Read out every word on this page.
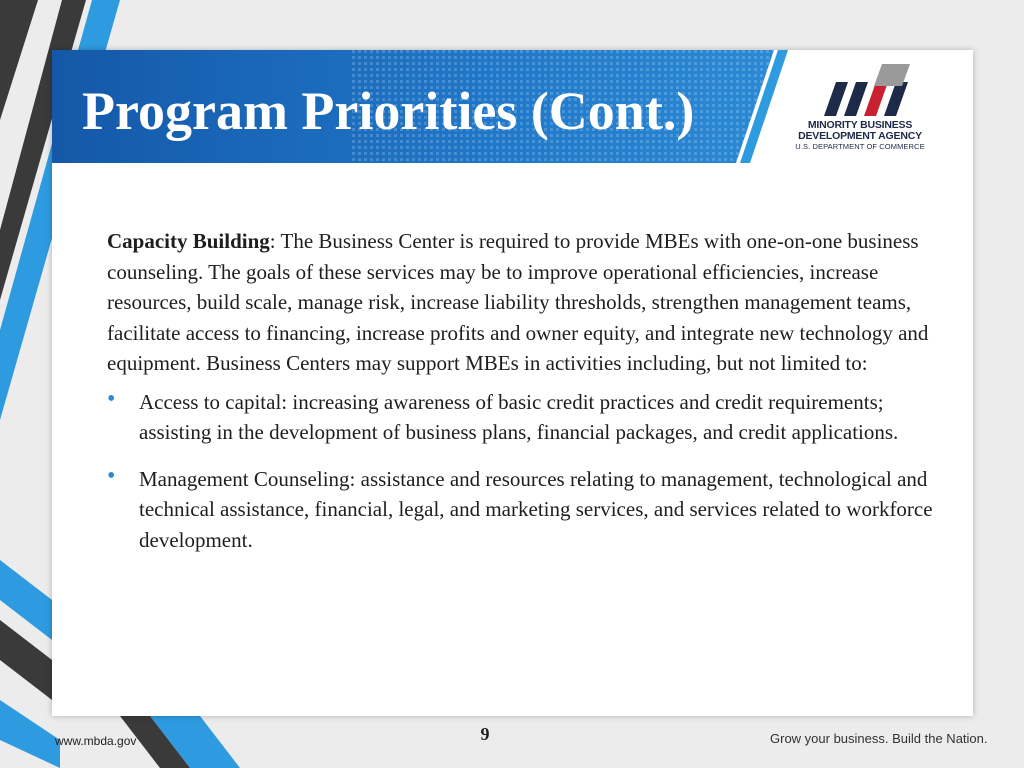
Program Priorities (Cont.)	MINORITY BUSINESS
DEVELOPMENT AGENCY
U.S. DEPARTMENT OF COMMERCE

Capacity Building: The Business Center is required to provide MBEs with one-on-one business counseling. The goals of these services may be to improve operational efficiencies, increase resources, build scale, manage risk, increase liability thresholds, strengthen management teams, facilitate access to financing, increase profits and owner equity, and integrate new technology and equipment. Business Centers may support MBEs in activities including, but not limited to:

• Access to capital: increasing awareness of basic credit practices and credit requirements; assisting in the development of business plans, financial packages, and credit applications.
• Management Counseling: assistance and resources relating to management, technological and technical assistance, financial, legal, and marketing services, and services related to workforce development.
9
www.mbda.gov	Grow your business. Build the Nation.
